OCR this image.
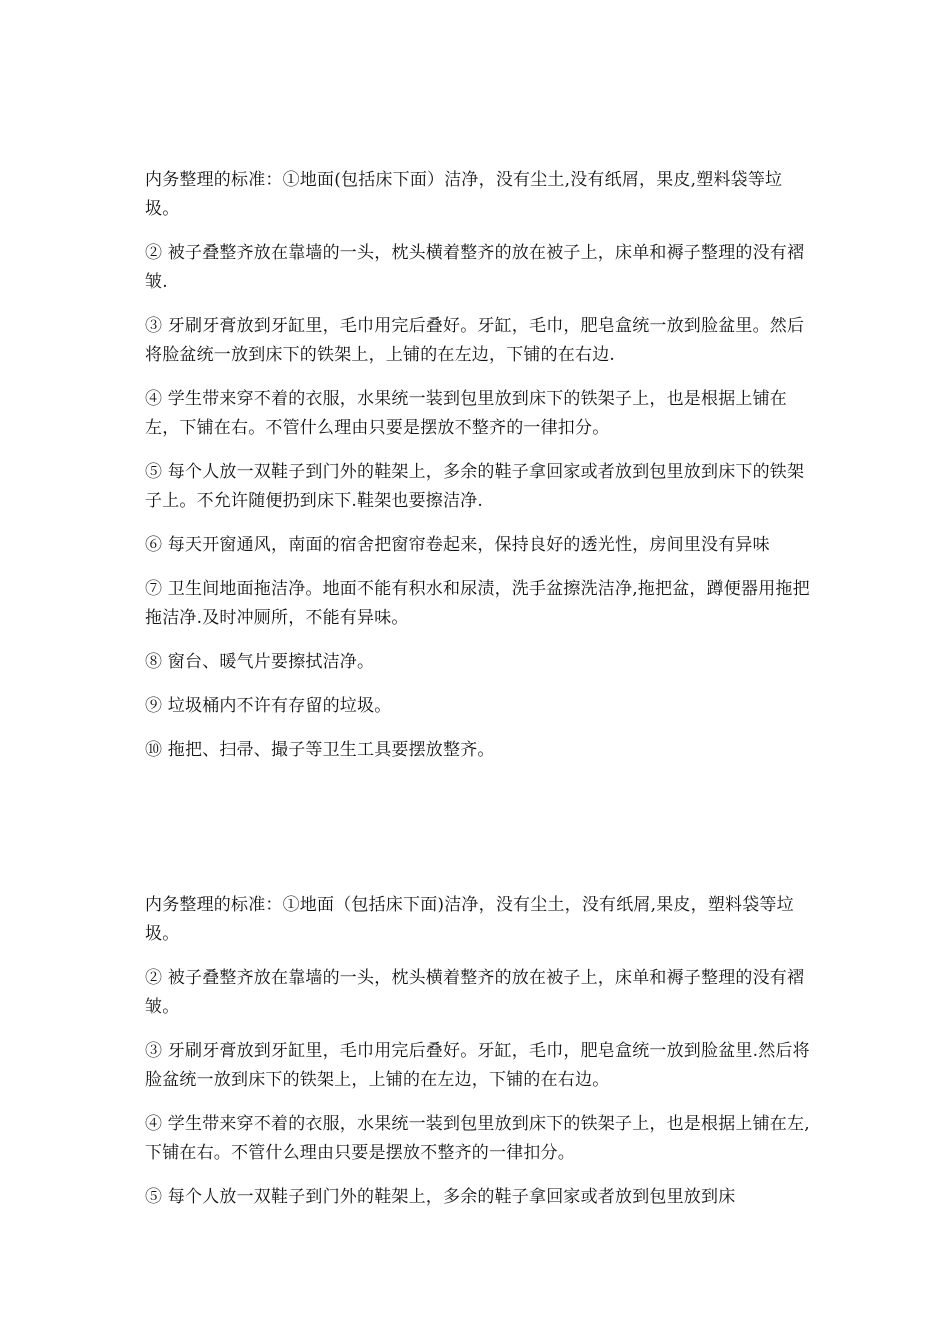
内务整理的标准：①地面(包括床下面）洁净，没有尘土,没有纸屑，果皮,塑料袋等垃圾。

② 被子叠整齐放在靠墙的一头，枕头横着整齐的放在被子上，床单和褥子整理的没有褶皱.

③ 牙刷牙膏放到牙缸里，毛巾用完后叠好。牙缸，毛巾，肥皂盒统一放到脸盆里。然后将脸盆统一放到床下的铁架上，上铺的在左边，下铺的在右边.

④ 学生带来穿不着的衣服，水果统一装到包里放到床下的铁架子上，也是根据上铺在左，下铺在右。不管什么理由只要是摆放不整齐的一律扣分。

⑤ 每个人放一双鞋子到门外的鞋架上，多余的鞋子拿回家或者放到包里放到床下的铁架子上。不允许随便扔到床下.鞋架也要擦洁净.

⑥ 每天开窗通风，南面的宿舍把窗帘卷起来，保持良好的透光性，房间里没有异味

⑦ 卫生间地面拖洁净。地面不能有积水和尿渍，洗手盆擦洗洁净,拖把盆，蹲便器用拖把拖洁净.及时冲厕所，不能有异味。

⑧ 窗台、暖气片要擦拭洁净。

⑨ 垃圾桶内不许有存留的垃圾。

⑩ 拖把、扫帚、撮子等卫生工具要摆放整齐。

内务整理的标准：①地面（包括床下面)洁净，没有尘土，没有纸屑,果皮，塑料袋等垃圾。

② 被子叠整齐放在靠墙的一头，枕头横着整齐的放在被子上，床单和褥子整理的没有褶皱。

③ 牙刷牙膏放到牙缸里，毛巾用完后叠好。牙缸，毛巾，肥皂盒统一放到脸盆里.然后将脸盆统一放到床下的铁架上，上铺的在左边，下铺的在右边。

④ 学生带来穿不着的衣服，水果统一装到包里放到床下的铁架子上，也是根据上铺在左,下铺在右。不管什么理由只要是摆放不整齐的一律扣分。

⑤ 每个人放一双鞋子到门外的鞋架上，多余的鞋子拿回家或者放到包里放到床
